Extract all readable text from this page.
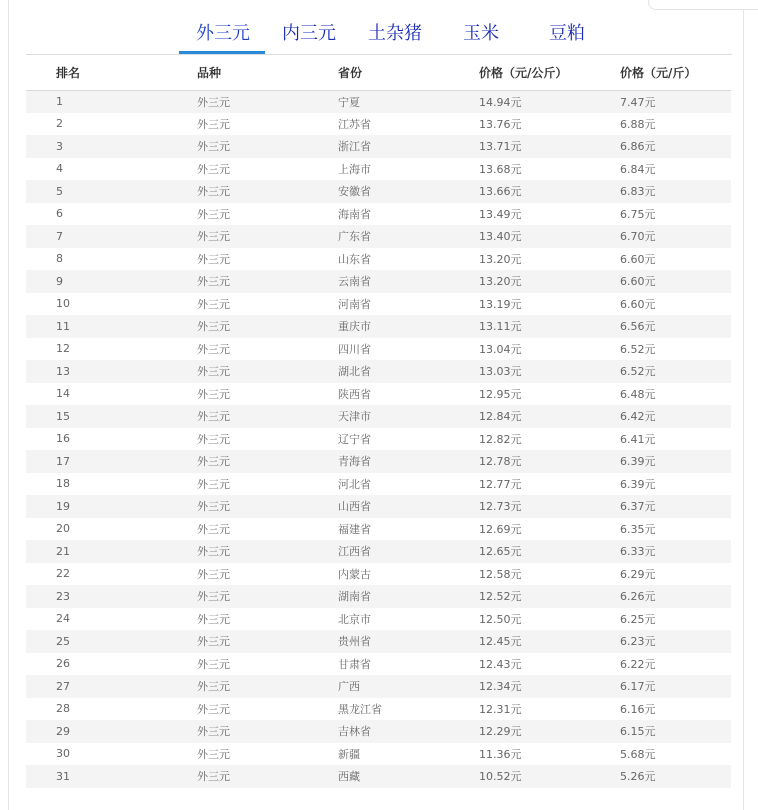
外三元 内三元 土杂猪 玉米	豆粕
排名	品种	省份	价格（元/公斤）	价格（元/斤）
1	外三元	宁夏	14.94元	7.47元
2	外三元	江苏省	13.76元	6.88元
3	外三元	浙江省	13.71元	6.86元
4	外三元	上海市	13.68元	6.84元
5	外三元	安徽省	13.66元	6.83元
6	外三元	海南省	13.49元	6.75元
7	外三元	广东省	13.40元	6.70元
8	外三元	山东省	13.20元	6.60元
9	外三元	云南省	13.20元	6.60元
10	外三元	河南省	13.19元	6.60元
11	外三元	重庆市	13.11元	6.56元
12	外三元	四川省	13.04元	6.52元
13	外三元	湖北省	13.03元	6.52元
14	外三元	陕西省	12.95元	6.48元
15	外三元	天津市	12.84元	6.42元
16	外三元	辽宁省	12.82元	6.41元
17	外三元	青海省	12.78元	6.39元
18	外三元	河北省	12.77元	6.39元
19	外三元	山西省	12.73元	6.37元
20	外三元	福建省	12.69元	6.35元
21	外三元	江西省	12.65元	6.33元
22	外三元	内蒙古	12.58元	6.29元
23	外三元	湖南省	12.52元	6.26元
24	外三元	北京市	12.50元	6.25元
25	外三元	贵州省	12.45元	6.23元
26	外三元	甘肃省	12.43元	6.22元
27	外三元	广西	12.34元	6.17元
28	外三元	黑龙江省	12.31元	6.16元
29	外三元	吉林省	12.29元	6.15元
30	外三元	新疆	11.36元	5.68元
31	外三元	西藏	10.52元	5.26元
